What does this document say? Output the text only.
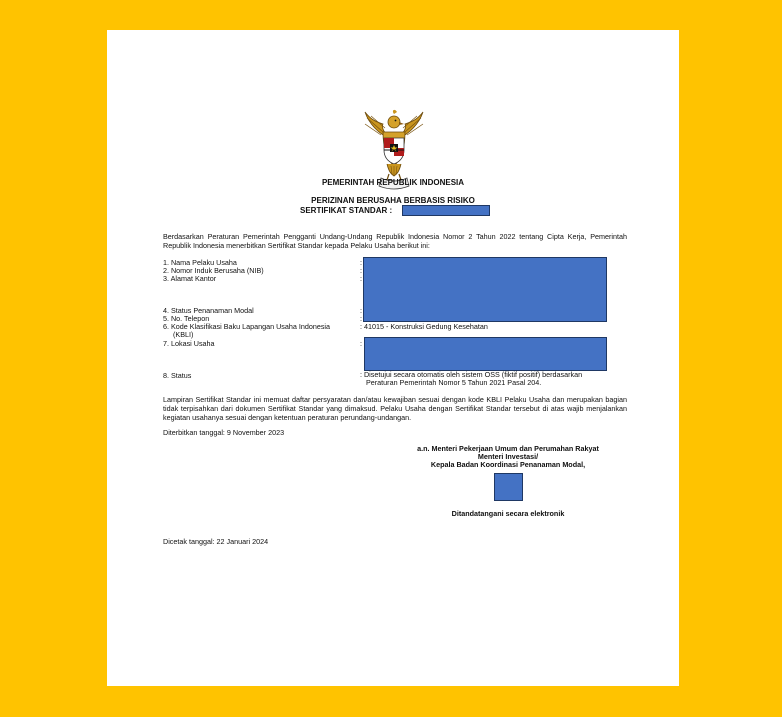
PEMERINTAH REPUBLIK INDONESIA
PERIZINAN BERUSAHA BERBASIS RISIKO
SERTIFIKAT STANDAR :

Berdasarkan Peraturan Pemerintah Pengganti Undang-Undang Republik Indonesia Nomor 2 Tahun 2022 tentang Cipta Kerja, Pemerintah Republik Indonesia menerbitkan Sertifikat Standar kepada Pelaku Usaha berikut ini:

1. Nama Pelaku Usaha
2. Nomor Induk Berusaha (NIB)
3. Alamat Kantor
4. Status Penanaman Modal
5. No. Telepon
6. Kode Klasifikasi Baku Lapangan Usaha Indonesia
(KBLI)
7. Lokasi Usaha
8. Status
:
:
:
:
:
:
: 41015 - Konstruksi Gedung Kesehatan
: Disetujui secara otomatis oleh sistem OSS (fiktif positif) berdasarkan
Peraturan Pemerintah Nomor 5 Tahun 2021 Pasal 204.

Lampiran Sertifikat Standar ini memuat daftar persyaratan dan/atau kewajiban sesuai dengan kode KBLI Pelaku Usaha dan merupakan bagian tidak terpisahkan dari dokumen Sertifikat Standar yang dimaksud. Pelaku Usaha dengan Sertifikat Standar tersebut di atas wajib menjalankan kegiatan usahanya sesuai dengan ketentuan peraturan perundang-undangan.

Diterbitkan tanggal: 9 November 2023
a.n. Menteri Pekerjaan Umum dan Perumahan Rakyat
Menteri Investasi/
Kepala Badan Koordinasi Penanaman Modal,
Ditandatangani secara elektronik
Dicetak tanggal: 22 Januari 2024
